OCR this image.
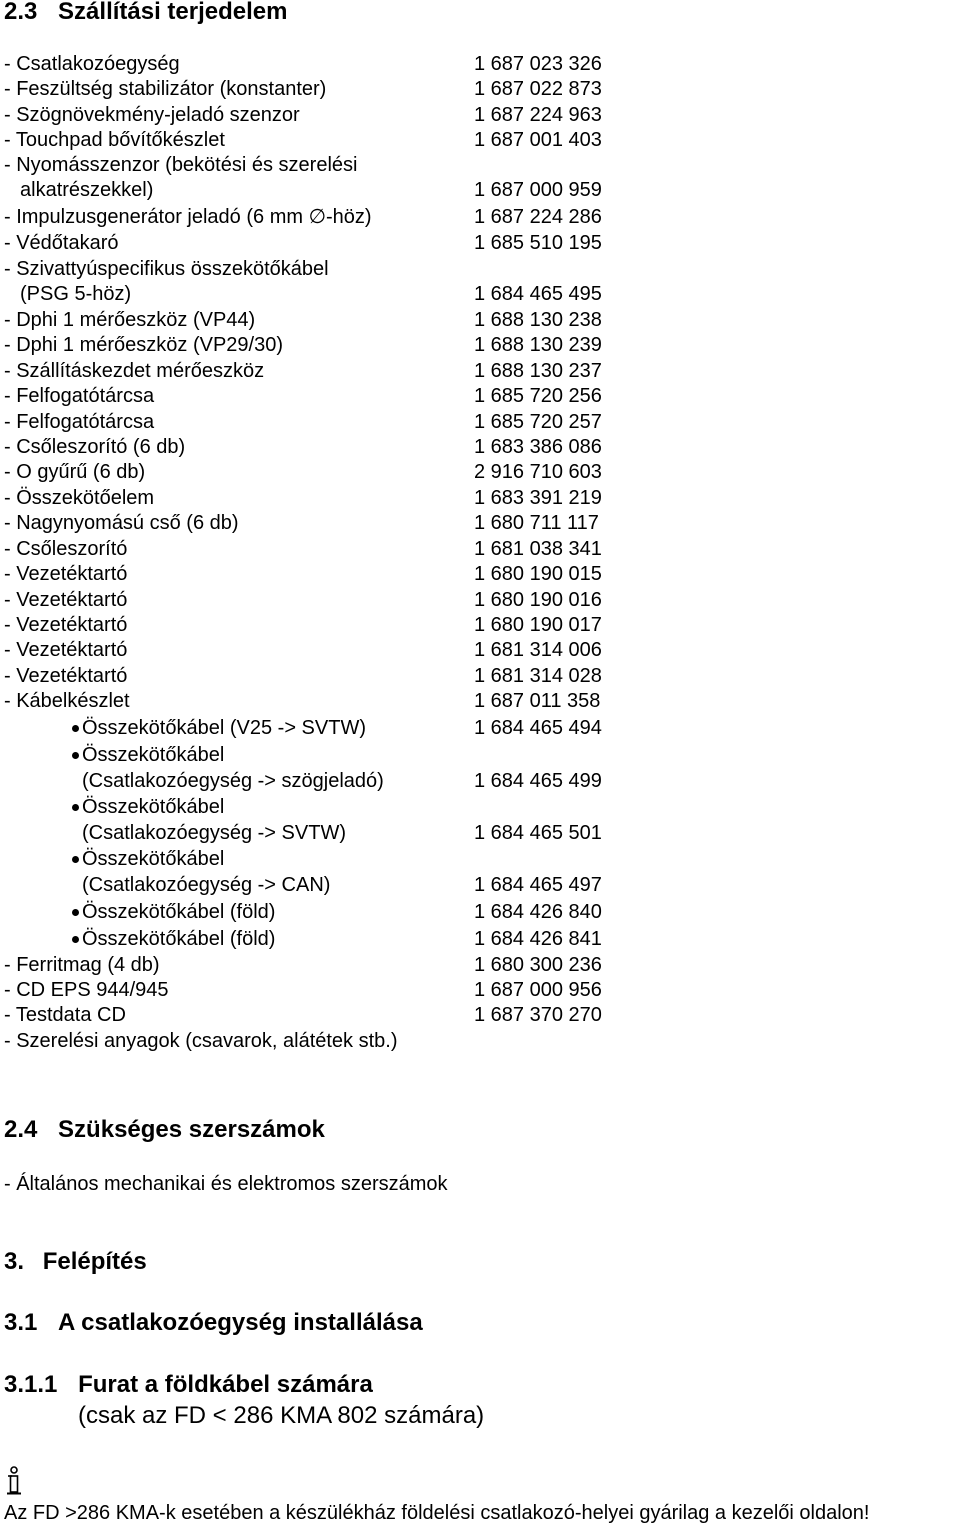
2.3 Szállítási terjedelem
- Csatlakozóegység	1 687 023 326
- Feszültség stabilizátor (konstanter)	1 687 022 873
- Szögnövekmény-jeladó szenzor	1 687 224 963
- Touchpad bővítőkészlet	1 687 001 403
- Nyomásszenzor (bekötési és szerelési
alkatrészekkel)	1 687 000 959
- Impulzusgenerátor jeladó (6 mm ∅-höz)	1 687 224 286
- Védőtakaró	1 685 510 195
- Szivattyúspecifikus összekötőkábel
(PSG 5-höz)	1 684 465 495
- Dphi 1 mérőeszköz (VP44)	1 688 130 238
- Dphi 1 mérőeszköz (VP29/30)	1 688 130 239
- Szállításkezdet mérőeszköz	1 688 130 237
- Felfogatótárcsa	1 685 720 256
- Felfogatótárcsa	1 685 720 257
- Csőleszorító (6 db)	1 683 386 086
- O gyűrű (6 db)	2 916 710 603
- Összekötőelem	1 683 391 219
- Nagynyomású cső (6 db)	1 680 711 117
- Csőleszorító	1 681 038 341
- Vezetéktartó	1 680 190 015
- Vezetéktartó	1 680 190 016
- Vezetéktartó	1 680 190 017
- Vezetéktartó	1 681 314 006
- Vezetéktartó	1 681 314 028
- Kábelkészlet	1 687 011 358
Összekötőkábel (V25 -> SVTW)	1 684 465 494
Összekötőkábel
(Csatlakozóegység -> szögjeladó)	1 684 465 499
Összekötőkábel
(Csatlakozóegység -> SVTW)	1 684 465 501
Összekötőkábel
(Csatlakozóegység -> CAN)	1 684 465 497
Összekötőkábel (föld)	1 684 426 840
Összekötőkábel (föld)	1 684 426 841
- Ferritmag (4 db)	1 680 300 236
- CD EPS 944/945	1 687 000 956
- Testdata CD	1 687 370 270
- Szerelési anyagok (csavarok, alátétek stb.)
2.4 Szükséges szerszámok
- Általános mechanikai és elektromos szerszámok
3. Felépítés
3.1 A csatlakozóegység installálása
3.1.1 Furat a földkábel számára
(csak az FD < 286 KMA 802 számára)
Az FD >286 KMA-k esetében a készülékház földelési csatlakozó-helyei gyárilag a kezelői oldalon!
